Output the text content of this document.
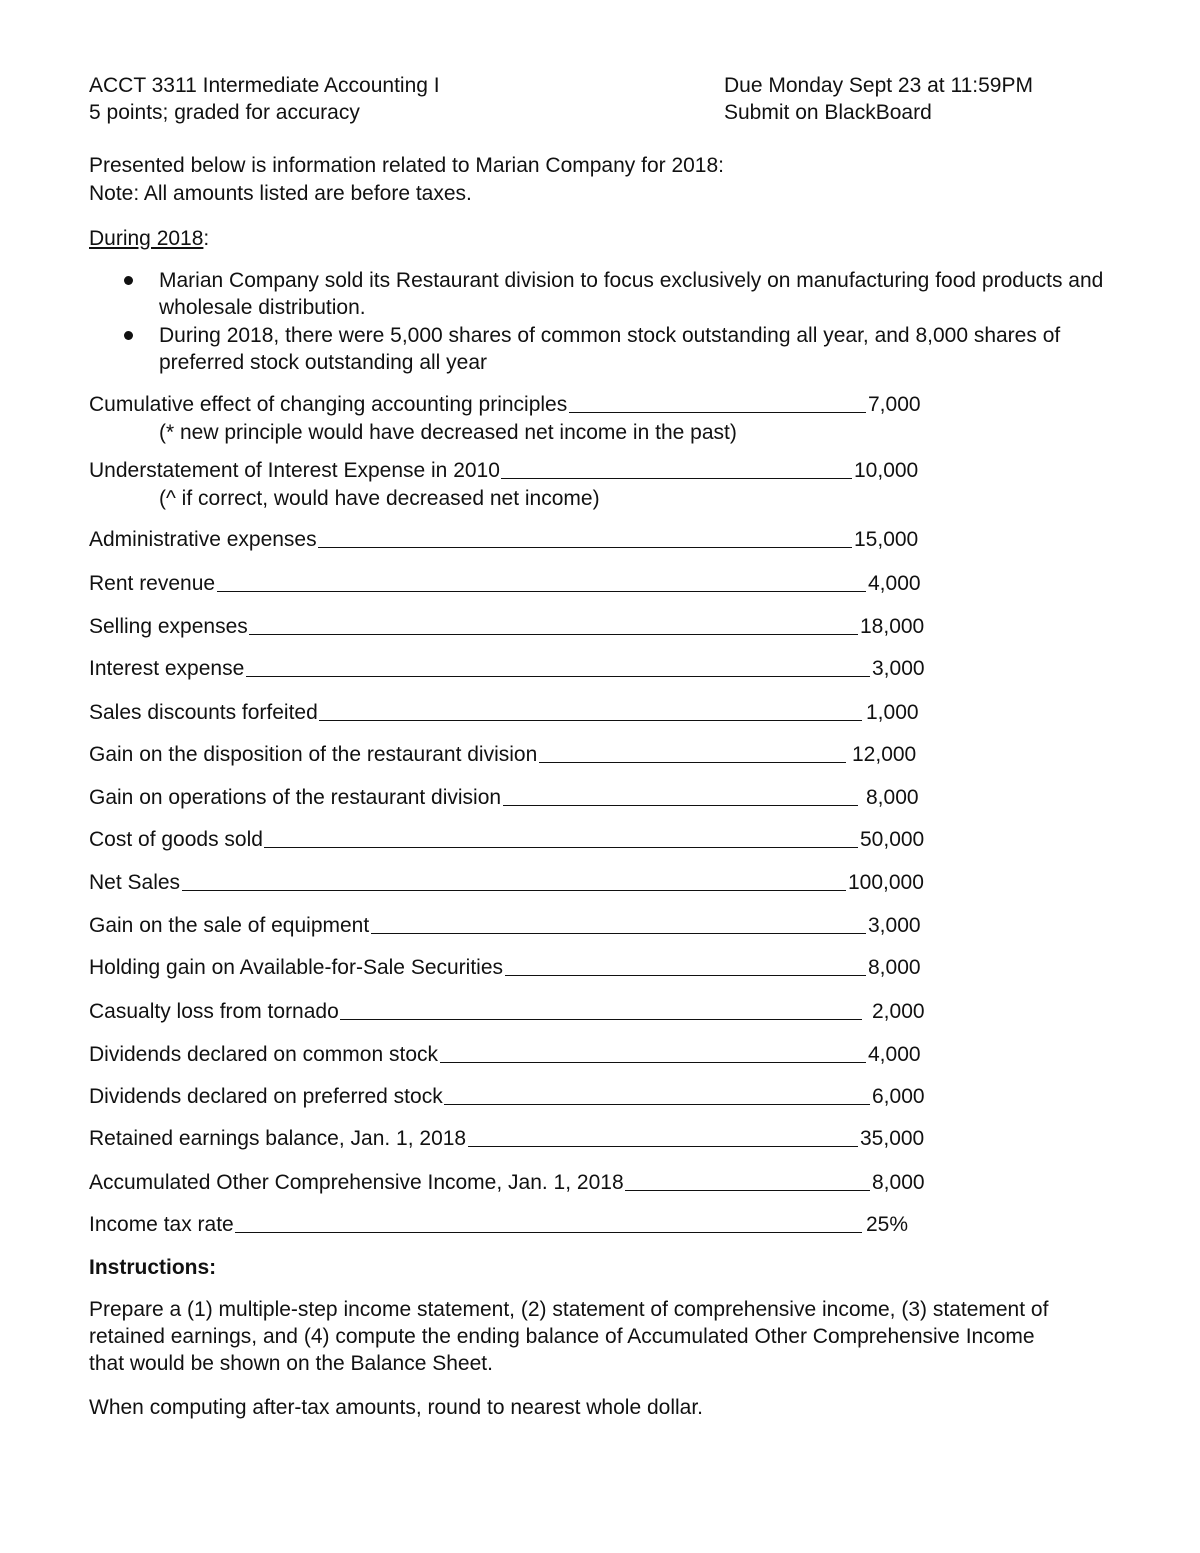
ACCT 3311 Intermediate Accounting I
5 points; graded for accuracy
Due Monday Sept 23 at 11:59PM
Submit on BlackBoard
Presented below is information related to Marian Company for 2018:
Note: All amounts listed are before taxes.
During 2018:
Marian Company sold its Restaurant division to focus exclusively on manufacturing food products and wholesale distribution.
During 2018, there were 5,000 shares of common stock outstanding all year, and 8,000 shares of preferred stock outstanding all year
Cumulative effect of changing accounting principles	7,000
(* new principle would have decreased net income in the past)
Understatement of Interest Expense in 2010	10,000
(^ if correct, would have decreased net income)
Administrative expenses	15,000
Rent revenue	4,000
Selling expenses	18,000
Interest expense	3,000
Sales discounts forfeited	1,000
Gain on the disposition of the restaurant division	12,000
Gain on operations of the restaurant division	8,000
Cost of goods sold	50,000
Net Sales	100,000
Gain on the sale of equipment	3,000
Holding gain on Available-for-Sale Securities	8,000
Casualty loss from tornado	2,000
Dividends declared on common stock	4,000
Dividends declared on preferred stock	6,000
Retained earnings balance, Jan. 1, 2018	35,000
Accumulated Other Comprehensive Income, Jan. 1, 2018	8,000
Income tax rate	25%
Instructions:
Prepare a (1) multiple-step income statement, (2) statement of comprehensive income, (3) statement of retained earnings, and (4) compute the ending balance of Accumulated Other Comprehensive Income that would be shown on the Balance Sheet.
When computing after-tax amounts, round to nearest whole dollar.
